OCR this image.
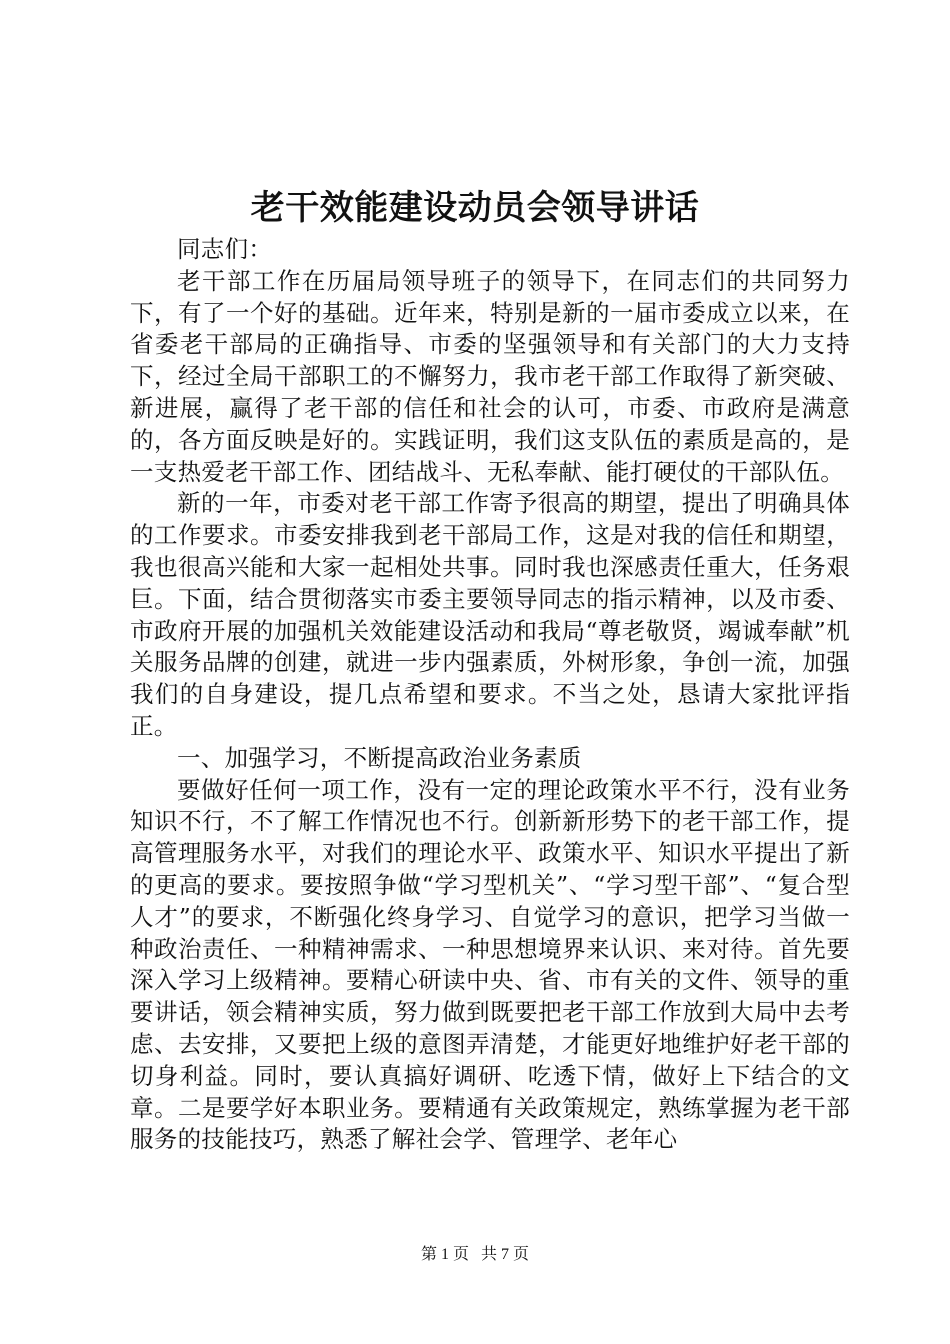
老干效能建设动员会领导讲话

同志们：

老干部工作在历届局领导班子的领导下，在同志们的共同努力下，有了一个好的基础。近年来，特别是新的一届市委成立以来，在省委老干部局的正确指导、市委的坚强领导和有关部门的大力支持下，经过全局干部职工的不懈努力，我市老干部工作取得了新突破、新进展，赢得了老干部的信任和社会的认可，市委、市政府是满意的，各方面反映是好的。实践证明，我们这支队伍的素质是高的，是一支热爱老干部工作、团结战斗、无私奉献、能打硬仗的干部队伍。

新的一年，市委对老干部工作寄予很高的期望，提出了明确具体的工作要求。市委安排我到老干部局工作，这是对我的信任和期望，我也很高兴能和大家一起相处共事。同时我也深感责任重大，任务艰巨。下面，结合贯彻落实市委主要领导同志的指示精神，以及市委、市政府开展的加强机关效能建设活动和我局“尊老敬贤，竭诚奉献”机关服务品牌的创建，就进一步内强素质，外树形象，争创一流，加强我们的自身建设，提几点希望和要求。不当之处，恳请大家批评指正。

一、加强学习，不断提高政治业务素质

要做好任何一项工作，没有一定的理论政策水平不行，没有业务知识不行，不了解工作情况也不行。创新新形势下的老干部工作，提高管理服务水平，对我们的理论水平、政策水平、知识水平提出了新的更高的要求。要按照争做“学习型机关”、“学习型干部”、“复合型人才”的要求，不断强化终身学习、自觉学习的意识，把学习当做一种政治责任、一种精神需求、一种思想境界来认识、来对待。首先要深入学习上级精神。要精心研读中央、省、市有关的文件、领导的重要讲话，领会精神实质，努力做到既要把老干部工作放到大局中去考虑、去安排，又要把上级的意图弄清楚，才能更好地维护好老干部的切身利益。同时，要认真搞好调研、吃透下情，做好上下结合的文章。二是要学好本职业务。要精通有关政策规定，熟练掌握为老干部服务的技能技巧，熟悉了解社会学、管理学、老年心

第 1 页 共 7 页
